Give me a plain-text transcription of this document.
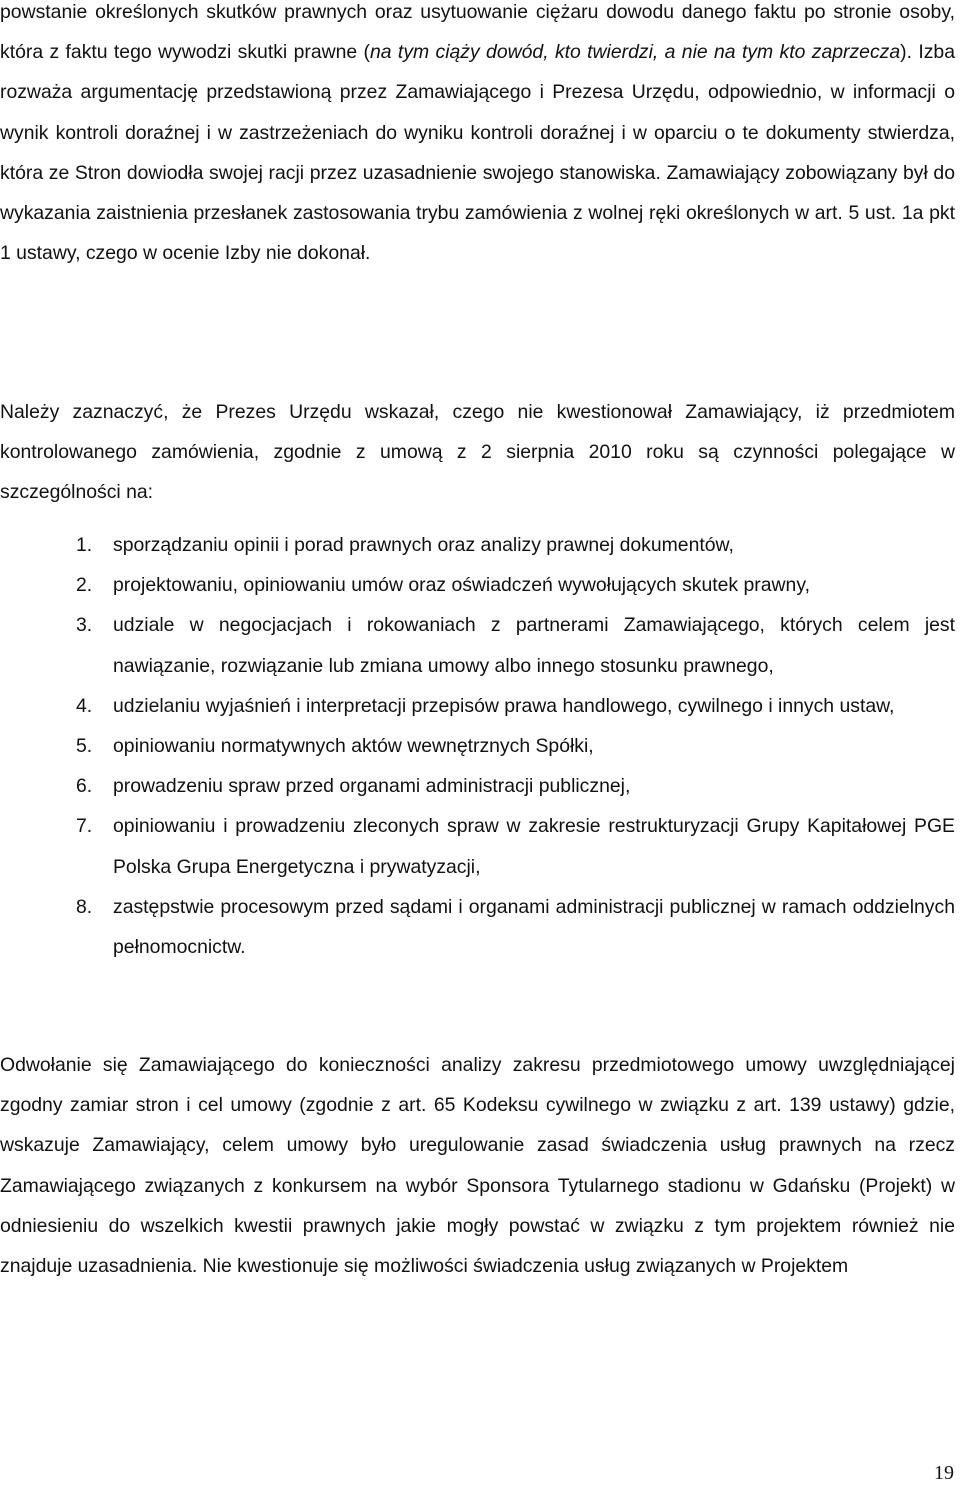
powstanie określonych skutków prawnych oraz usytuowanie ciężaru dowodu danego faktu po stronie osoby, która z faktu tego wywodzi skutki prawne (na tym ciąży dowód, kto twierdzi, a nie na tym kto zaprzecza). Izba rozważa argumentację przedstawioną przez Zamawiającego i Prezesa Urzędu, odpowiednio, w informacji o wynik kontroli doraźnej i w zastrzeżeniach do wyniku kontroli doraźnej i w oparciu o te dokumenty stwierdza, która ze Stron dowiodła swojej racji przez uzasadnienie swojego stanowiska. Zamawiający zobowiązany był do wykazania zaistnienia przesłanek zastosowania trybu zamówienia z wolnej ręki określonych w art. 5 ust. 1a pkt 1 ustawy, czego w ocenie Izby nie dokonał.

Należy zaznaczyć, że Prezes Urzędu wskazał, czego nie kwestionował Zamawiający, iż przedmiotem kontrolowanego zamówienia, zgodnie z umową z 2 sierpnia 2010 roku są czynności polegające w szczególności na:

1. sporządzaniu opinii i porad prawnych oraz analizy prawnej dokumentów,
2. projektowaniu, opiniowaniu umów oraz oświadczeń wywołujących skutek prawny,
3. udziale w negocjacjach i rokowaniach z partnerami Zamawiającego, których celem jest nawiązanie, rozwiązanie lub zmiana umowy albo innego stosunku prawnego,
4. udzielaniu wyjaśnień i interpretacji przepisów prawa handlowego, cywilnego i innych ustaw,
5. opiniowaniu normatywnych aktów wewnętrznych Spółki,
6. prowadzeniu spraw przed organami administracji publicznej,
7. opiniowaniu i prowadzeniu zleconych spraw w zakresie restrukturyzacji Grupy Kapitałowej PGE Polska Grupa Energetyczna i prywatyzacji,
8. zastępstwie procesowym przed sądami i organami administracji publicznej w ramach oddzielnych pełnomocnictw.

Odwołanie się Zamawiającego do konieczności analizy zakresu przedmiotowego umowy uwzględniającej zgodny zamiar stron i cel umowy (zgodnie z art. 65 Kodeksu cywilnego w związku z art. 139 ustawy) gdzie, wskazuje Zamawiający, celem umowy było uregulowanie zasad świadczenia usług prawnych na rzecz Zamawiającego związanych z konkursem na wybór Sponsora Tytularnego stadionu w Gdańsku (Projekt) w odniesieniu do wszelkich kwestii prawnych jakie mogły powstać w związku z tym projektem również nie znajduje uzasadnienia. Nie kwestionuje się możliwości świadczenia usług związanych w Projektem

19
